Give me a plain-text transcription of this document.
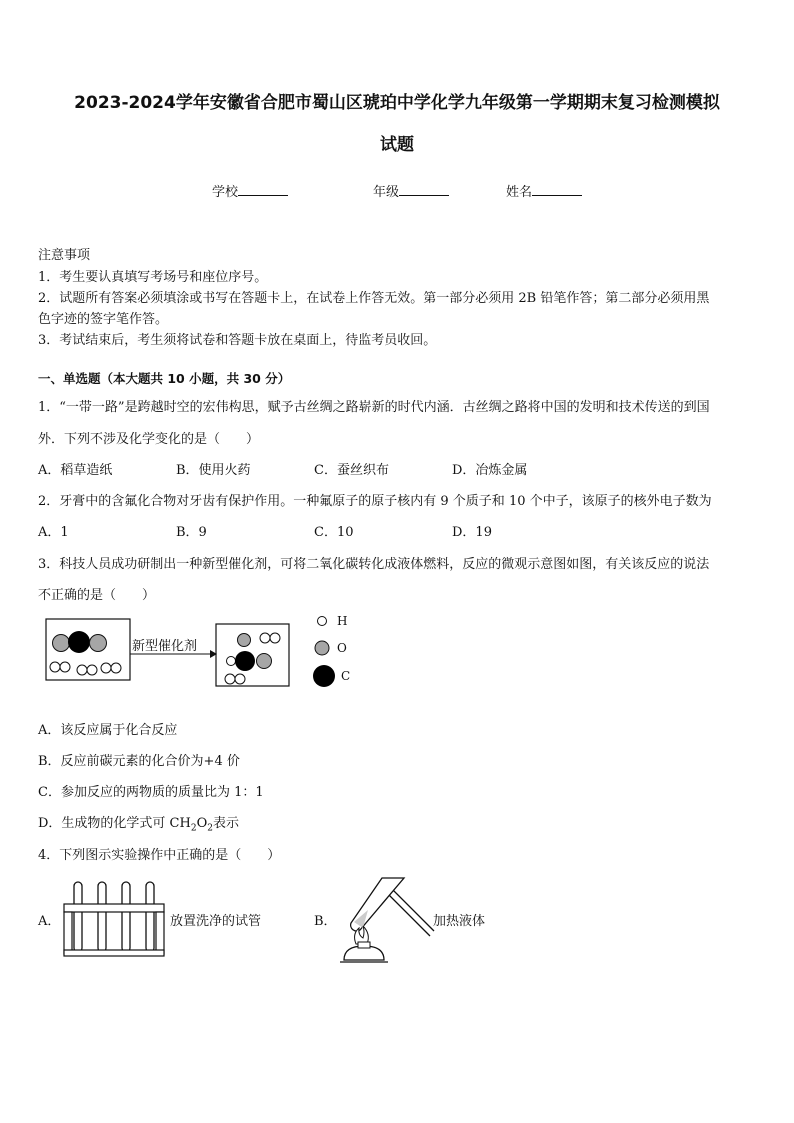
2023-2024学年安徽省合肥市蜀山区琥珀中学化学九年级第一学期期末复习检测模拟
试题
学校	年级	姓名
注意事项
1．考生要认真填写考场号和座位序号。
2．试题所有答案必须填涂或书写在答题卡上，在试卷上作答无效。第一部分必须用 2B 铅笔作答；第二部分必须用黑
色字迹的签字笔作答。
3．考试结束后，考生须将试卷和答题卡放在桌面上，待监考员收回。
一、单选题（本大题共 10 小题，共 30 分）
1．“一带一路”是跨越时空的宏伟构思，赋予古丝绸之路崭新的时代内涵．古丝绸之路将中国的发明和技术传送的到国
外．下列不涉及化学变化的是（　　）
A．稻草造纸	B．使用火药	C．蚕丝织布	D．冶炼金属
2．牙膏中的含氟化合物对牙齿有保护作用。一种氟原子的原子核内有 9 个质子和 10 个中子，该原子的核外电子数为
A．1	B．9	C．10	D．19
3．科技人员成功研制出一种新型催化剂，可将二氧化碳转化成液体燃料，反应的微观示意图如图，有关该反应的说法
不正确的是（　　）
新型催化剂
H
O
C
A．该反应属于化合反应
B．反应前碳元素的化合价为+4 价
C．参加反应的两物质的质量比为 1：1
D．生成物的化学式可 $CH_2O_2$表示
4．下列图示实验操作中正确的是（　　）
A．	放置洗净的试管	B．	加热液体
